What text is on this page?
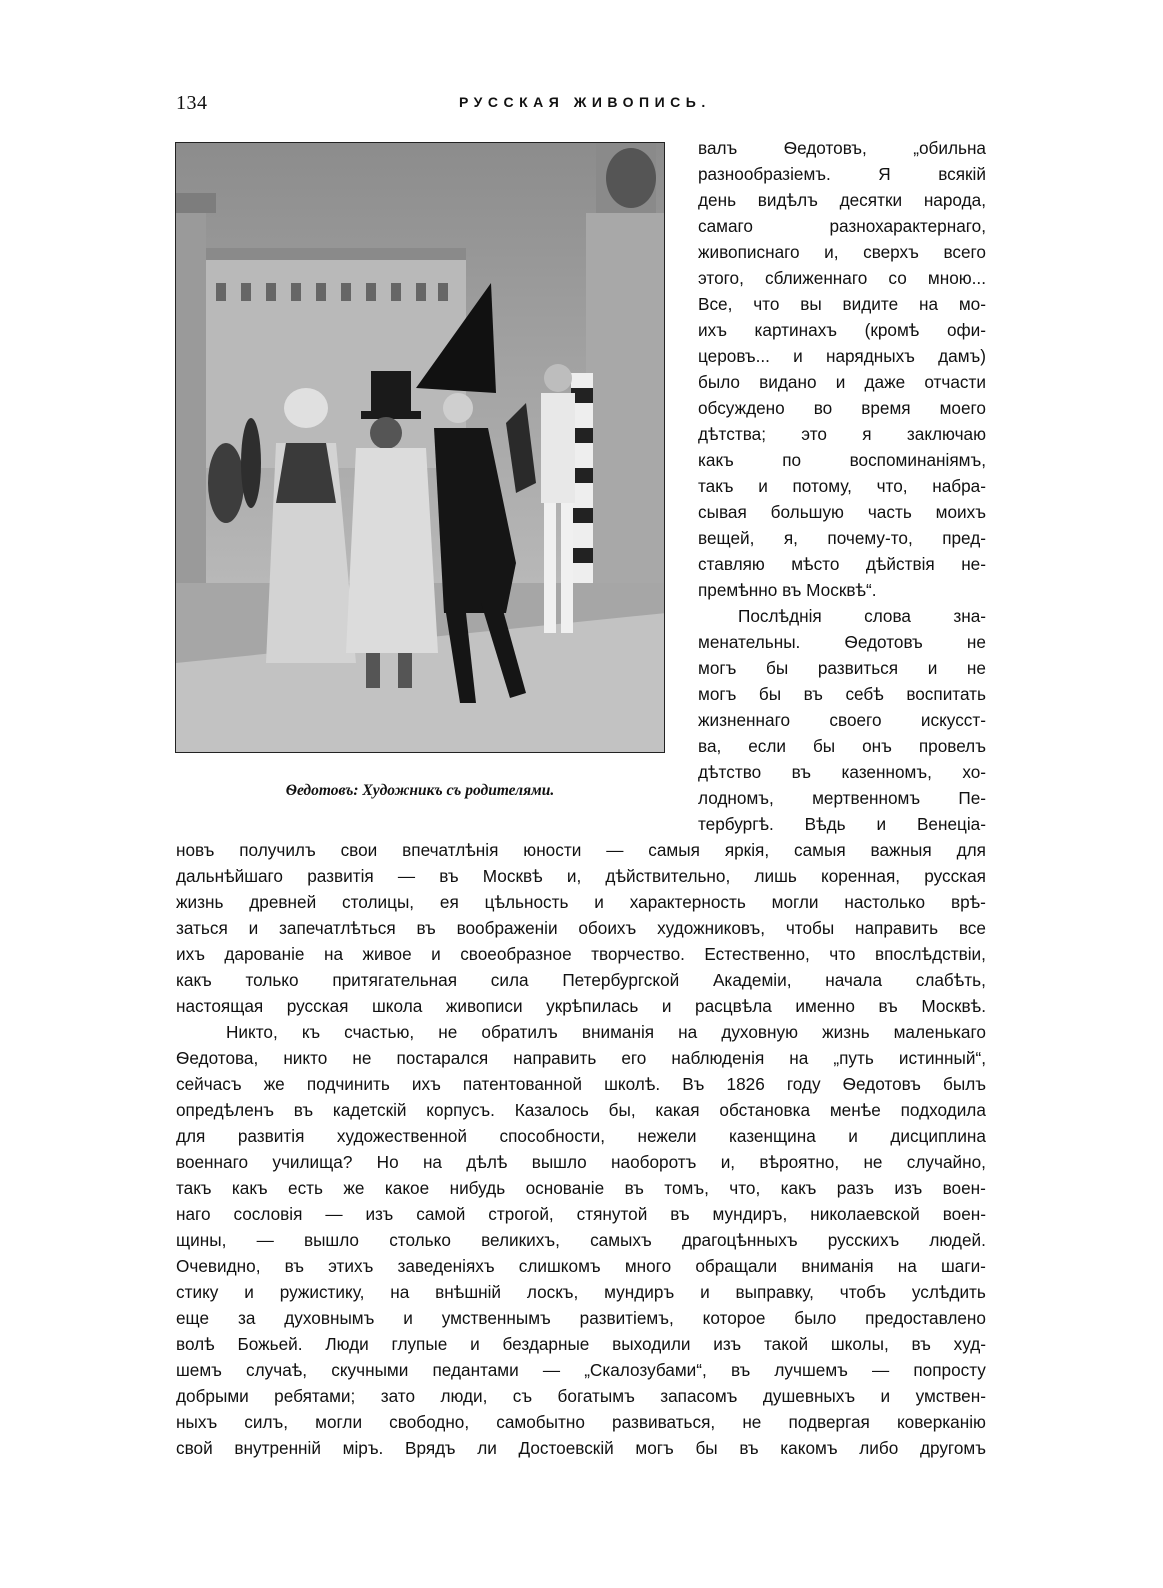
134	РУССКАЯ ЖИВОПИСЬ.
Ѳедотовъ: Художникъ съ родителями.
валъ	Ѳедотовъ,	„обильна
разнообразіемъ.	Я	всякій
день видѣлъ десятки народа,
самаго	разнохарактернаго,
живописнаго и, сверхъ всего
этого, сближеннаго со мною...
Все, что вы видите на мо-
ихъ картинахъ (кромѣ офи-
церовъ... и нарядныхъ дамъ)
было видано и даже отчасти
обсуждено во время моего
дѣтства; это я заключаю
какъ	по	воспоминаніямъ,
такъ и потому, что, набра-
сывая большую часть моихъ
вещей, я, почему-то, пред-
ставляю мѣсто дѣйствія не-
премѣнно въ Москвѣ“.
Послѣднія слова зна-
менательны.	Ѳедотовъ	не
могъ бы развиться и не
могъ бы въ себѣ воспитать
жизненнаго своего искусст-
ва, если бы онъ провелъ
дѣтство въ казенномъ, хо-
лодномъ, мертвенномъ Пе-
тербургѣ. Вѣдь и Венеціа-
новъ получилъ свои впечатлѣнія юности — самыя яркія, самыя важныя для
дальнѣйшаго развитія — въ Москвѣ и, дѣйствительно, лишь коренная, русская
жизнь древней столицы, ея цѣльность и характерность могли настолько врѣ-
заться и запечатлѣться въ воображеніи обоихъ художниковъ, чтобы направить все
ихъ дарованіе на живое и своеобразное творчество. Естественно, что впослѣдствіи,
какъ только притягательная сила Петербургской Академіи, начала слабѣть,
настоящая русская школа живописи укрѣпилась и расцвѣла именно въ Москвѣ.
Никто, къ счастью, не обратилъ вниманія на духовную жизнь маленькаго
Ѳедотова, никто не постарался направить его наблюденія на „путь истинный“,
сейчасъ же подчинить ихъ патентованной школѣ. Въ 1826 году Ѳедотовъ былъ
опредѣленъ въ кадетскій корпусъ. Казалось бы, какая обстановка менѣе подходила
для развитія художественной способности, нежели казенщина и дисциплина
военнаго училища? Но на дѣлѣ вышло наоборотъ и, вѣроятно, не случайно,
такъ какъ есть же какое нибудь основаніе въ томъ, что, какъ разъ изъ воен-
наго сословія — изъ самой строгой, стянутой въ мундиръ, николаевской воен-
щины, — вышло столько великихъ, самыхъ драгоцѣнныхъ русскихъ людей.
Очевидно, въ этихъ заведеніяхъ слишкомъ много обращали вниманія на шаги-
стику и ружистику, на внѣшній лоскъ, мундиръ и выправку, чтобъ услѣдить
еще за духовнымъ и умственнымъ развитіемъ, которое было предоставлено
волѣ Божьей. Люди глупые и бездарные выходили изъ такой школы, въ худ-
шемъ случаѣ, скучными педантами — „Скалозубами“, въ лучшемъ — попросту
добрыми ребятами; зато люди, съ богатымъ запасомъ душевныхъ и умствен-
ныхъ силъ, могли свободно, самобытно развиваться, не подвергая коверканію
свой внутренній міръ. Врядъ ли Достоевскій могъ бы въ какомъ либо другомъ
